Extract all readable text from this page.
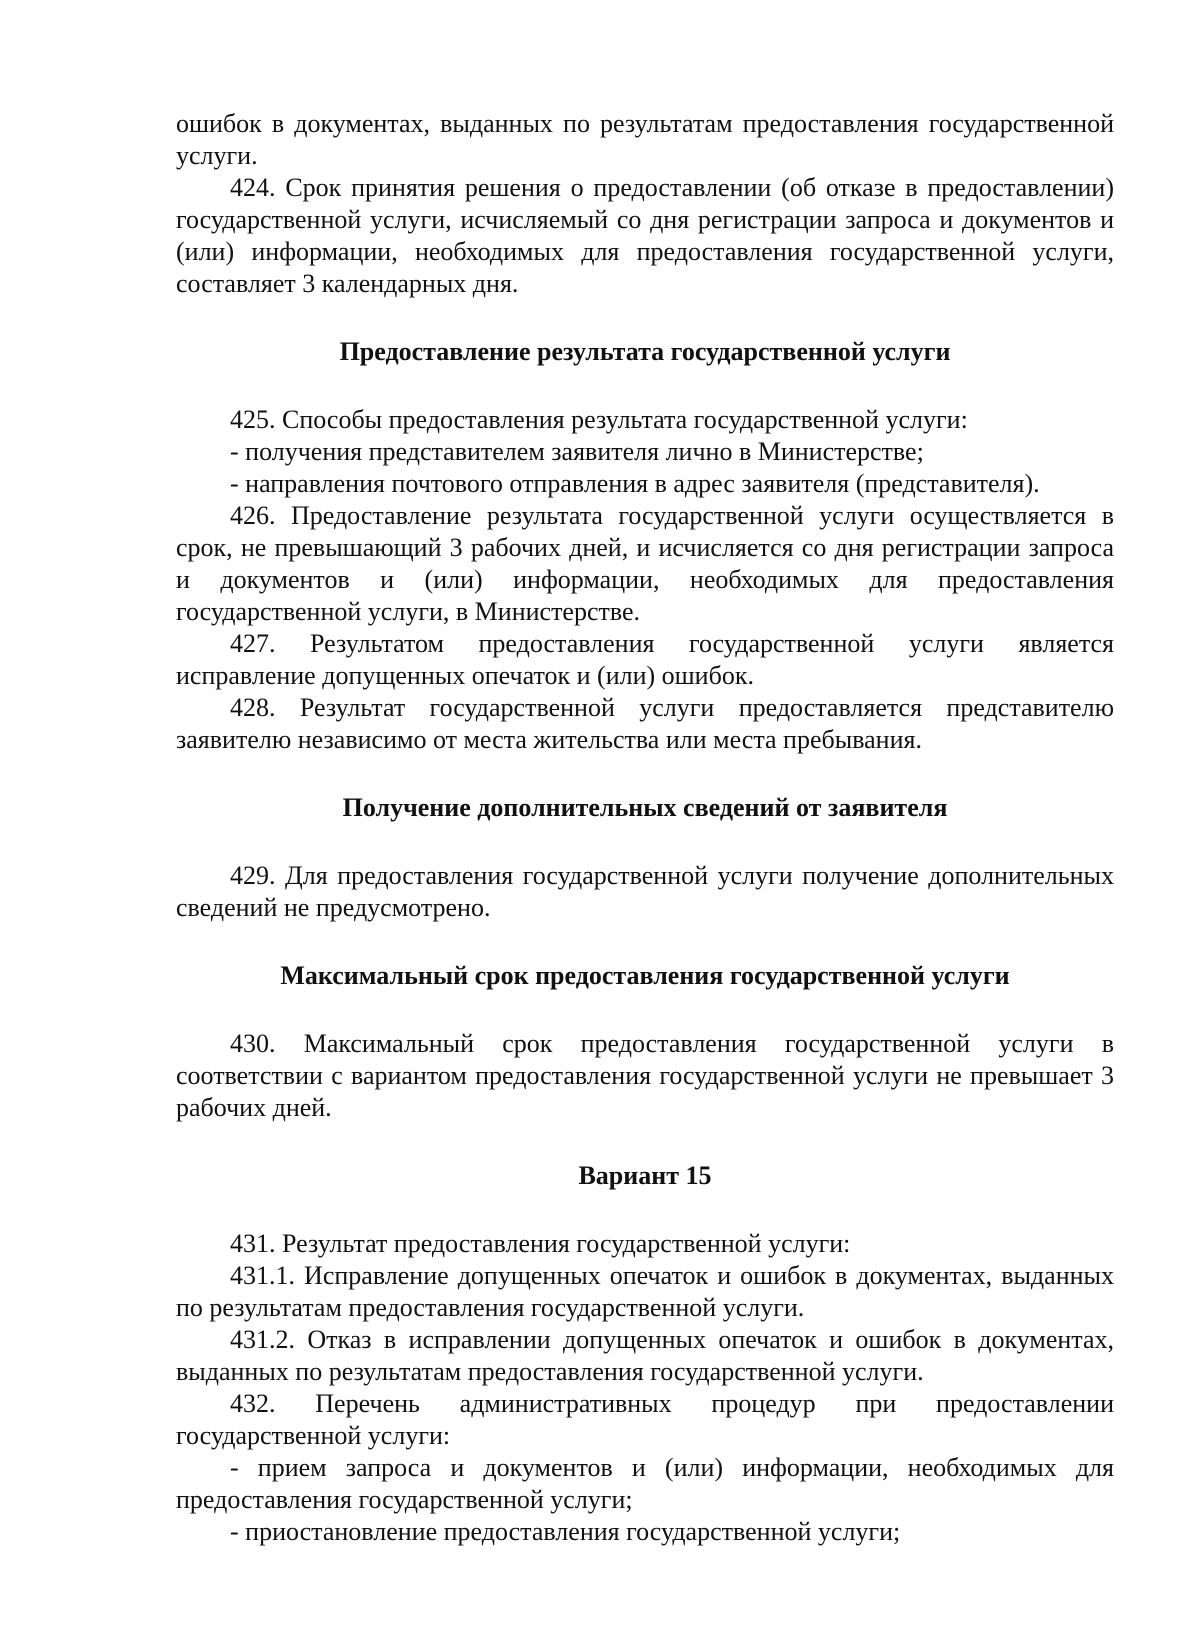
ошибок в документах, выданных по результатам предоставления государственной услуги.

424. Срок принятия решения о предоставлении (об отказе в предоставлении) государственной услуги, исчисляемый со дня регистрации запроса и документов и (или) информации, необходимых для предоставления государственной услуги, составляет 3 календарных дня.

Предоставление результата государственной услуги

425. Способы предоставления результата государственной услуги:

- получения представителем заявителя лично в Министерстве;

- направления почтового отправления в адрес заявителя (представителя).

426. Предоставление результата государственной услуги осуществляется в срок, не превышающий 3 рабочих дней, и исчисляется со дня регистрации запроса и документов и (или) информации, необходимых для предоставления государственной услуги, в Министерстве.

427. Результатом предоставления государственной услуги является исправление допущенных опечаток и (или) ошибок.

428. Результат государственной услуги предоставляется представителю заявителю независимо от места жительства или места пребывания.

Получение дополнительных сведений от заявителя

429. Для предоставления государственной услуги получение дополнительных сведений не предусмотрено.

Максимальный срок предоставления государственной услуги

430. Максимальный срок предоставления государственной услуги в соответствии с вариантом предоставления государственной услуги не превышает 3 рабочих дней.

Вариант 15

431. Результат предоставления государственной услуги:

431.1. Исправление допущенных опечаток и ошибок в документах, выданных по результатам предоставления государственной услуги.

431.2. Отказ в исправлении допущенных опечаток и ошибок в документах, выданных по результатам предоставления государственной услуги.

432. Перечень административных процедур при предоставлении государственной услуги:

- прием запроса и документов и (или) информации, необходимых для предоставления государственной услуги;

- приостановление предоставления государственной услуги;
